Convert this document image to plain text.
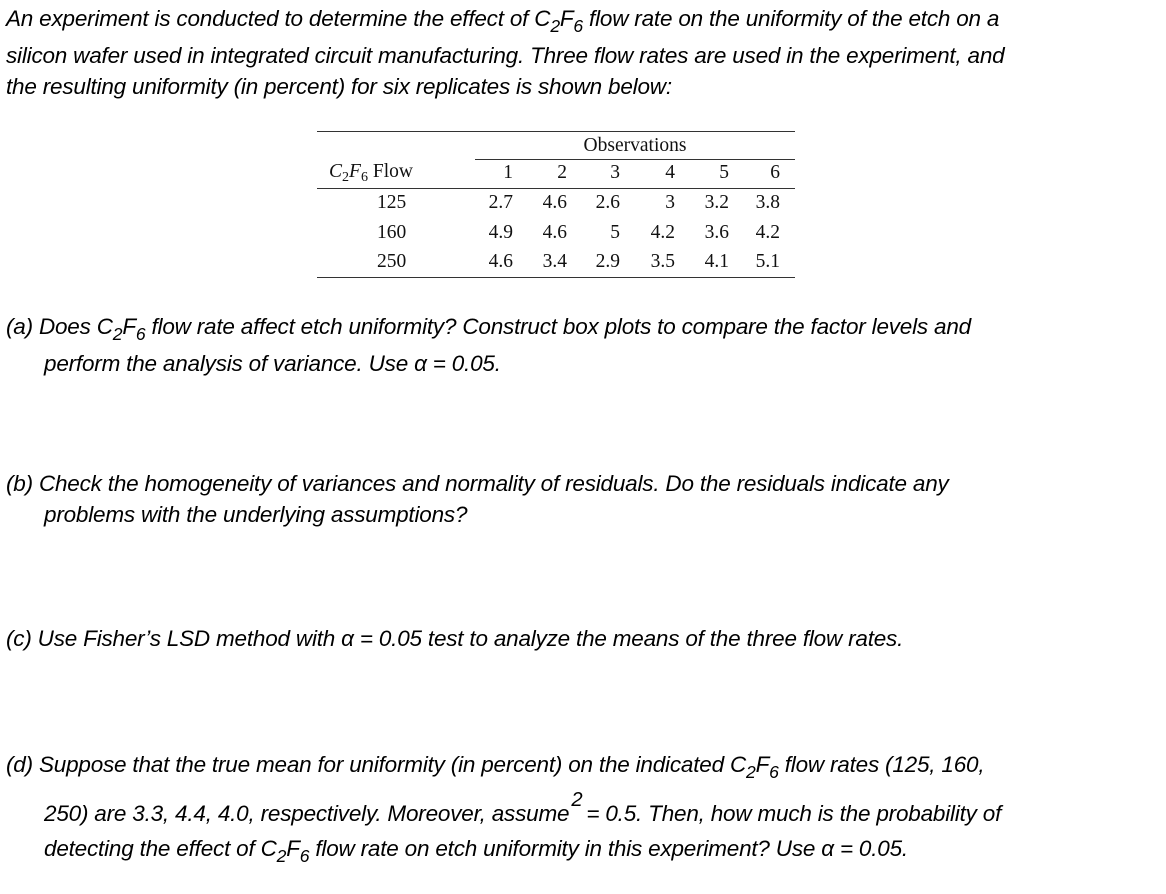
An experiment is conducted to determine the effect of $C_2F_6$ flow rate on the uniformity of the etch on a
silicon wafer used in integrated circuit manufacturing. Three flow rates are used in the experiment, and
the resulting uniformity (in percent) for six replicates is shown below:
Observations
C2F6 Flow	1	2	3	4	5	6
125	2.7	4.6	2.6	3	3.2	3.8
160	4.9	4.6	5	4.2	3.6	4.2
250	4.6	3.4	2.9	3.5	4.1	5.1
(a) Does $C_2F_6$ flow rate affect etch uniformity? Construct box plots to compare the factor levels and
perform the analysis of variance. Use α = 0.05.
(b) Check the homogeneity of variances and normality of residuals. Do the residuals indicate any
problems with the underlying assumptions?
(c) Use Fisher’s LSD method with α = 0.05 test to analyze the means of the three flow rates.
(d) Suppose that the true mean for uniformity (in percent) on the indicated $C_2F_6$ flow rates (125, 160,
250) are 3.3, 4.4, 4.0, respectively. Moreover, assume2= 0.5. Then, how much is the probability of
detecting the effect of $C_2F_6$ flow rate on etch uniformity in this experiment? Use α = 0.05.
